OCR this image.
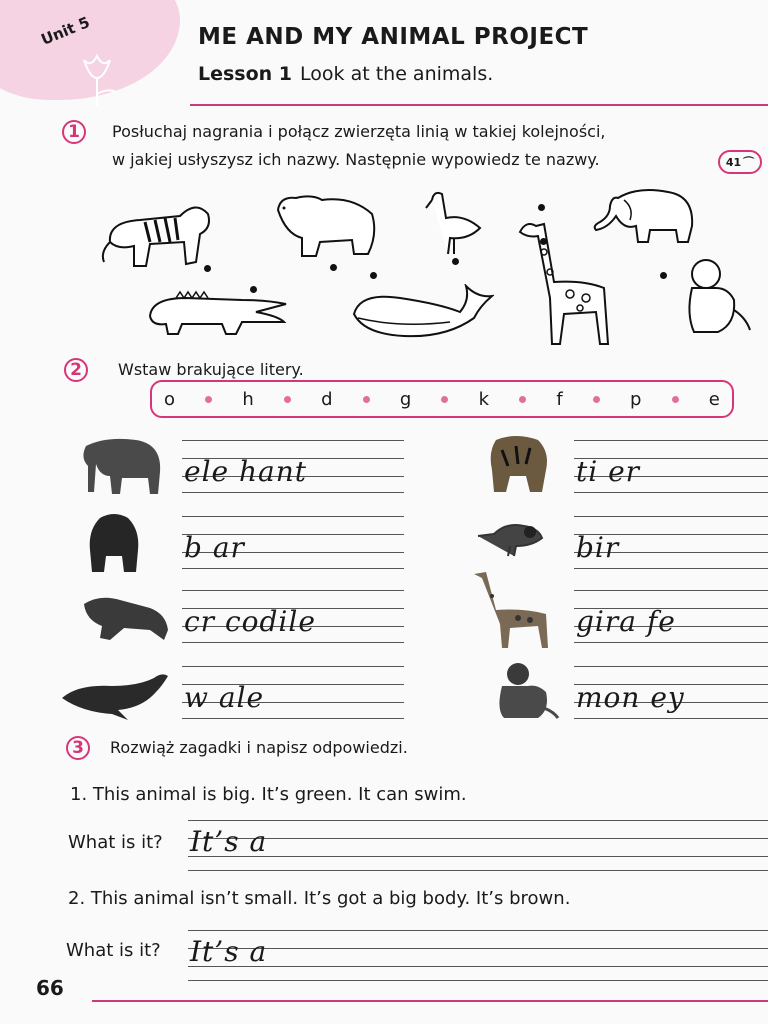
Unit 5	ME AND MY ANIMAL PROJECT
Lesson 1 Look at the animals.
1	Posłuchaj nagrania i połącz zwierzęta linią w takiej kolejności,
w jakiej usłyszysz ich nazwy. Następnie wypowiedz te nazwy.	41 ⌒
2	Wstaw brakujące litery.
o	h	d	g	k	f	p	e
ele hant
b ar
cr codile
w ale
ti er
bir
gira fe
mon ey
3	Rozwiąż zagadki i napisz odpowiedzi.
1. This animal is big. It’s green. It can swim.
What is it? It’s a
2. This animal isn’t small. It’s got a big body. It’s brown.
What is it? It’s a
66
